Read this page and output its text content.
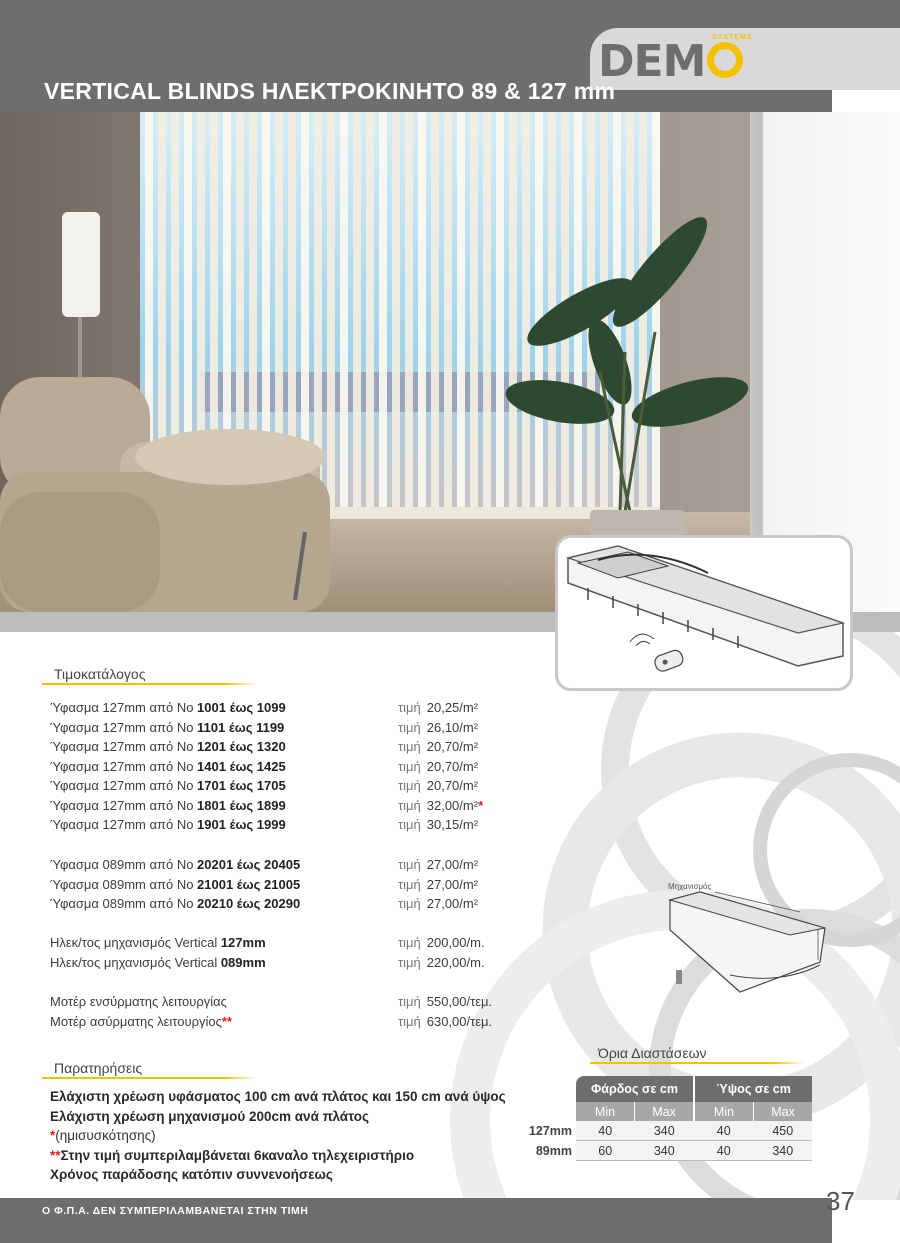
DEM SYSTEMS
VERTICAL BLINDS ΗΛΕΚΤΡΟΚΙΝΗΤΟ 89 & 127 mm
Τιμοκατάλογος
Ύφασμα 127mm από No 1001 έως 1099	τιμή 20,25/m²
Ύφασμα 127mm από No 1101 έως 1199	τιμή 26,10/m²
Ύφασμα 127mm από No 1201 έως 1320	τιμή 20,70/m²
Ύφασμα 127mm από No 1401 έως 1425	τιμή 20,70/m²
Ύφασμα 127mm από No 1701 έως 1705	τιμή 20,70/m²
Ύφασμα 127mm από No 1801 έως 1899	τιμή 32,00/m²*
Ύφασμα 127mm από No 1901 έως 1999	τιμή 30,15/m²
Ύφασμα 089mm από No 20201 έως 20405	τιμή 27,00/m²
Ύφασμα 089mm από No 21001 έως 21005	τιμή 27,00/m²
Ύφασμα 089mm από No 20210 έως 20290	τιμή 27,00/m²
Ηλεκ/τος μηχανισμός Vertical 127mm	τιμή 200,00/m.
Ηλεκ/τος μηχανισμός Vertical 089mm	τιμή 220,00/m.
Μοτέρ ενσύρματης λειτουργίας	τιμή 550,00/τεμ.
Μοτέρ ασύρματης λειτουργίος**	τιμή 630,00/τεμ.
Παρατηρήσεις
Ελάχιστη χρέωση υφάσματος 100 cm ανά πλάτος και 150 cm ανά ύψος
Ελάχιστη χρέωση μηχανισμού 200cm ανά πλάτος
*(ημισυσκότησης)
**Στην τιμή συμπεριλαμβάνεται 6καναλο τηλεχειριστήριο
Χρόνος παράδοσης κατόπιν συννενοήσεως
Μηχανισμός
Όρια Διαστάσεων
	Φάρδος σε cm		Ύψος σε cm	
	Min	Max	Min	Max
127mm	40	340	40	450
89mm	60	340	40	340
Ο Φ.Π.Α. ΔΕΝ ΣΥΜΠΕΡΙΛΑΜΒΑΝΕΤΑΙ ΣΤΗΝ ΤΙΜΗ	37
